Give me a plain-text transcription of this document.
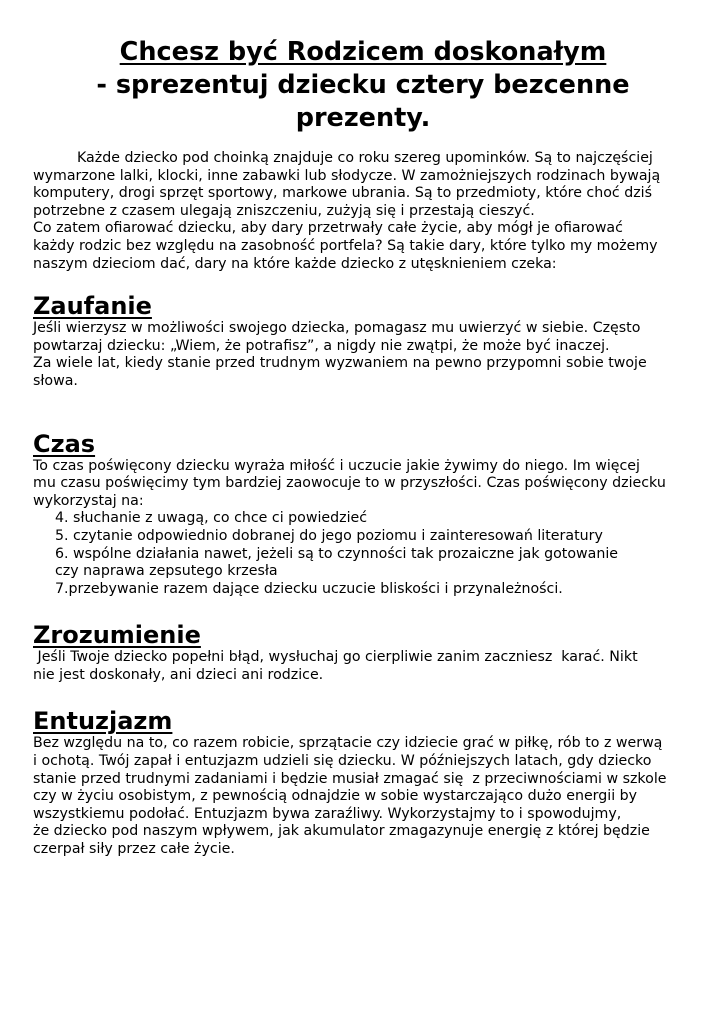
Chcesz być Rodzicem doskonałym
- sprezentuj dziecku cztery bezcenne
prezenty.
Każde dziecko pod choinką znajduje co roku szereg upominków. Są to najczęściej
wymarzone lalki, klocki, inne zabawki lub słodycze. W zamożniejszych rodzinach bywają
komputery, drogi sprzęt sportowy, markowe ubrania. Są to przedmioty, które choć dziś
potrzebne z czasem ulegają zniszczeniu, zużyją się i przestają cieszyć.
Co zatem ofiarować dziecku, aby dary przetrwały całe życie, aby mógł je ofiarować
każdy rodzic bez względu na zasobność portfela? Są takie dary, które tylko my możemy
naszym dzieciom dać, dary na które każde dziecko z utęsknieniem czeka:
Zaufanie
Jeśli wierzysz w możliwości swojego dziecka, pomagasz mu uwierzyć w siebie. Często
powtarzaj dziecku: „Wiem, że potrafisz”, a nigdy nie zwątpi, że może być inaczej.
Za wiele lat, kiedy stanie przed trudnym wyzwaniem na pewno przypomni sobie twoje
słowa.
Czas
To czas poświęcony dziecku wyraża miłość i uczucie jakie żywimy do niego. Im więcej
mu czasu poświęcimy tym bardziej zaowocuje to w przyszłości. Czas poświęcony dziecku
wykorzystaj na:
4. słuchanie z uwagą, co chce ci powiedzieć
5. czytanie odpowiednio dobranej do jego poziomu i zainteresowań literatury
6. wspólne działania nawet, jeżeli są to czynności tak prozaiczne jak gotowanie
czy naprawa zepsutego krzesła
7.przebywanie razem dające dziecku uczucie bliskości i przynależności.
Zrozumienie
Jeśli Twoje dziecko popełni błąd, wysłuchaj go cierpliwie zanim zaczniesz  karać. Nikt
nie jest doskonały, ani dzieci ani rodzice.
Entuzjazm
Bez względu na to, co razem robicie, sprzątacie czy idziecie grać w piłkę, rób to z werwą
i ochotą. Twój zapał i entuzjazm udzieli się dziecku. W późniejszych latach, gdy dziecko
stanie przed trudnymi zadaniami i będzie musiał zmagać się  z przeciwnościami w szkole
czy w życiu osobistym, z pewnością odnajdzie w sobie wystarczająco dużo energii by
wszystkiemu podołać. Entuzjazm bywa zaraźliwy. Wykorzystajmy to i spowodujmy,
że dziecko pod naszym wpływem, jak akumulator zmagazynuje energię z której będzie
czerpał siły przez całe życie.
